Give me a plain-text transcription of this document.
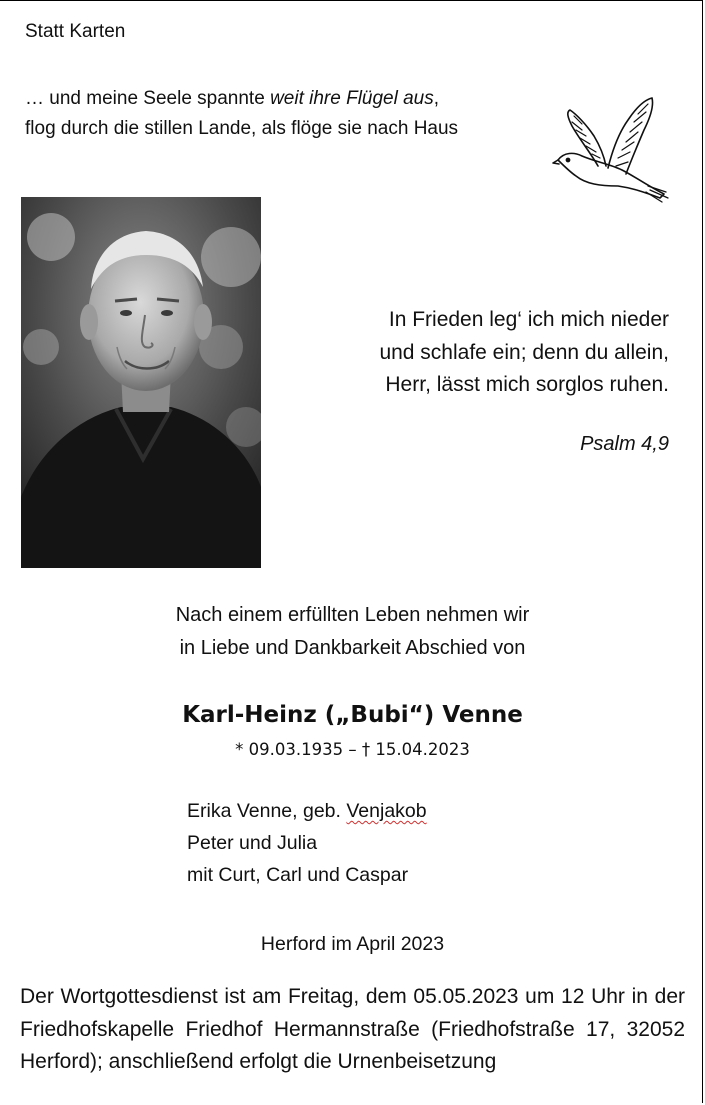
Statt Karten
… und meine Seele spannte weit ihre Flügel aus,
flog durch die stillen Lande, als flöge sie nach Haus
In Frieden leg‘ ich mich nieder
und schlafe ein; denn du allein,
Herr, lässt mich sorglos ruhen.
Psalm 4,9
Nach einem erfüllten Leben nehmen wir
in Liebe und Dankbarkeit Abschied von
Karl-Heinz („Bubi“) Venne
* 09.03.1935 – † 15.04.2023
Erika Venne, geb. Venjakob
Peter und Julia
mit Curt, Carl und Caspar
Herford im April 2023
Der Wortgottesdienst ist am Freitag, dem 05.05.2023 um 12 Uhr in der Friedhofskapelle Friedhof Hermannstraße (Friedhofstraße 17, 32052 Herford); anschließend erfolgt die Urnenbeisetzung
